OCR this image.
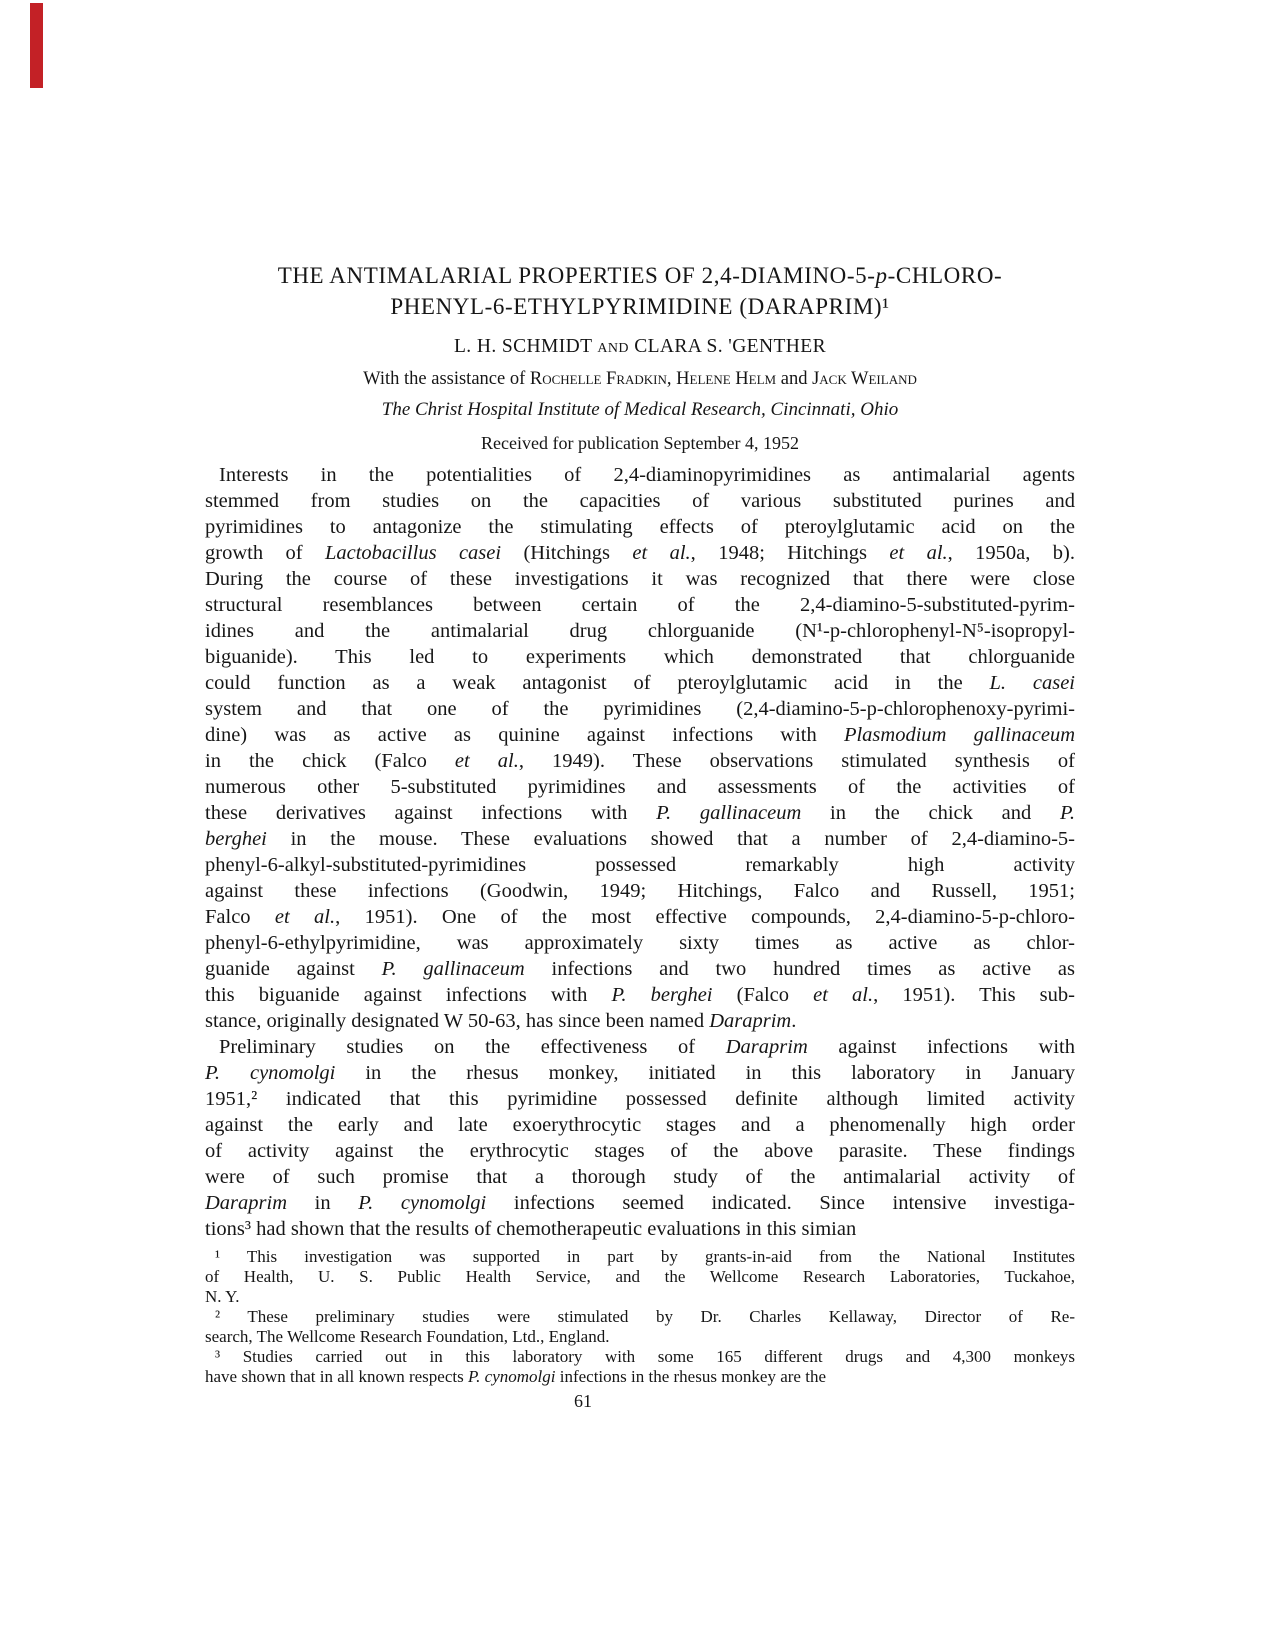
THE ANTIMALARIAL PROPERTIES OF 2,4-DIAMINO-5-p-CHLORO-
PHENYL-6-ETHYLPYRIMIDINE (DARAPRIM)¹
L. H. SCHMIDT and CLARA S. 'GENTHER
With the assistance of Rochelle Fradkin, Helene Helm and Jack Weiland
The Christ Hospital Institute of Medical Research, Cincinnati, Ohio
Received for publication September 4, 1952
Interests in the potentialities of 2,4-diaminopyrimidines as antimalarial agents
stemmed from studies on the capacities of various substituted purines and
pyrimidines to antagonize the stimulating effects of pteroylglutamic acid on the
growth of Lactobacillus casei (Hitchings et al., 1948; Hitchings et al., 1950a, b).
During the course of these investigations it was recognized that there were close
structural resemblances between certain of the 2,4-diamino-5-substituted-pyrim-
idines and the antimalarial drug chlorguanide (N¹-p-chlorophenyl-N⁵-isopropyl-
biguanide). This led to experiments which demonstrated that chlorguanide
could function as a weak antagonist of pteroylglutamic acid in the L. casei
system and that one of the pyrimidines (2,4-diamino-5-p-chlorophenoxy-pyrimi-
dine) was as active as quinine against infections with Plasmodium gallinaceum
in the chick (Falco et al., 1949). These observations stimulated synthesis of
numerous other 5-substituted pyrimidines and assessments of the activities of
these derivatives against infections with P. gallinaceum in the chick and P.
berghei in the mouse. These evaluations showed that a number of 2,4-diamino-5-
phenyl-6-alkyl-substituted-pyrimidines possessed remarkably high activity
against these infections (Goodwin, 1949; Hitchings, Falco and Russell, 1951;
Falco et al., 1951). One of the most effective compounds, 2,4-diamino-5-p-chloro-
phenyl-6-ethylpyrimidine, was approximately sixty times as active as chlor-
guanide against P. gallinaceum infections and two hundred times as active as
this biguanide against infections with P. berghei (Falco et al., 1951). This sub-
stance, originally designated W 50-63, has since been named Daraprim.
Preliminary studies on the effectiveness of Daraprim against infections with
P. cynomolgi in the rhesus monkey, initiated in this laboratory in January
1951,² indicated that this pyrimidine possessed definite although limited activity
against the early and late exoerythrocytic stages and a phenomenally high order
of activity against the erythrocytic stages of the above parasite. These findings
were of such promise that a thorough study of the antimalarial activity of
Daraprim in P. cynomolgi infections seemed indicated. Since intensive investiga-
tions³ had shown that the results of chemotherapeutic evaluations in this simian
¹ This investigation was supported in part by grants-in-aid from the National Institutes
of Health, U. S. Public Health Service, and the Wellcome Research Laboratories, Tuckahoe,
N. Y.
² These preliminary studies were stimulated by Dr. Charles Kellaway, Director of Re-
search, The Wellcome Research Foundation, Ltd., England.
³ Studies carried out in this laboratory with some 165 different drugs and 4,300 monkeys
have shown that in all known respects P. cynomolgi infections in the rhesus monkey are the
61
